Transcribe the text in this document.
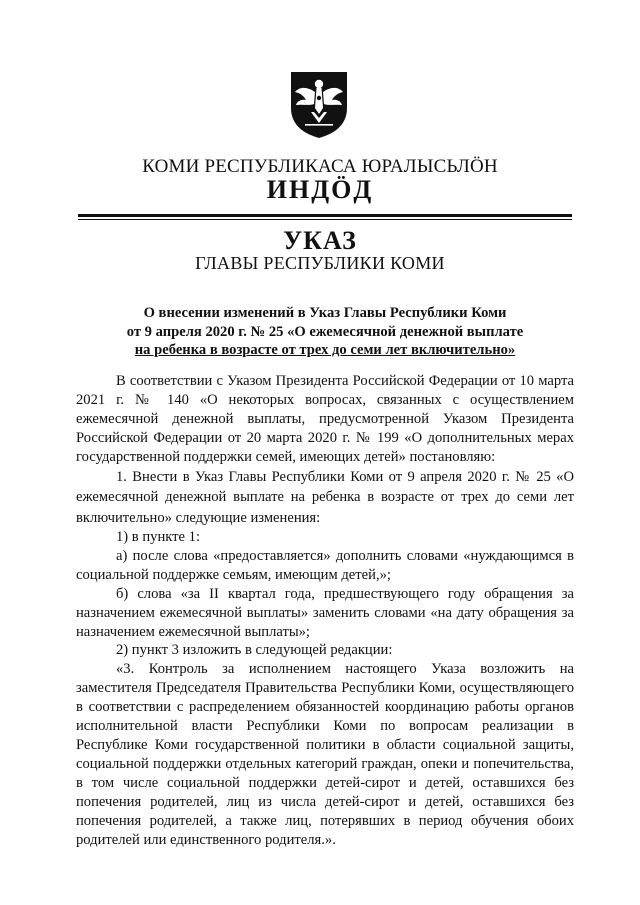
КОМИ РЕСПУБЛИКАСА ЮРАЛЫСЬЛӦН
ИНДӦД
УКАЗ
ГЛАВЫ РЕСПУБЛИКИ КОМИ
О внесении изменений в Указ Главы Республики Коми
от 9 апреля 2020 г. № 25 «О ежемесячной денежной выплате
на ребенка в возрасте от трех до семи лет включительно»

В соответствии с Указом Президента Российской Федерации от 10 марта 2021 г. № 140 «О некоторых вопросах, связанных с осуществлением ежемесячной денежной выплаты, предусмотренной Указом Президента Российской Федерации от 20 марта 2020 г. № 199 «О дополнительных мерах государственной поддержки семей, имеющих детей» постановляю:

1. Внести в Указ Главы Республики Коми от 9 апреля 2020 г. № 25 «О ежемесячной денежной выплате на ребенка в возрасте от трех до семи лет включительно» следующие изменения:

1) в пункте 1:

а) после слова «предоставляется» дополнить словами «нуждающимся в социальной поддержке семьям, имеющим детей,»;

б) слова «за II квартал года, предшествующего году обращения за назначением ежемесячной выплаты» заменить словами «на дату обращения за назначением ежемесячной выплаты»;

2) пункт 3 изложить в следующей редакции:

«3. Контроль за исполнением настоящего Указа возложить на заместителя Председателя Правительства Республики Коми, осуществляющего в соответствии с распределением обязанностей координацию работы органов исполнительной власти Республики Коми по вопросам реализации в Республике Коми государственной политики в области социальной защиты, социальной поддержки отдельных категорий граждан, опеки и попечительства, в том числе социальной поддержки детей-сирот и детей, оставшихся без попечения родителей, лиц из числа детей-сирот и детей, оставшихся без попечения родителей, а также лиц, потерявших в период обучения обоих родителей или единственного родителя.».
